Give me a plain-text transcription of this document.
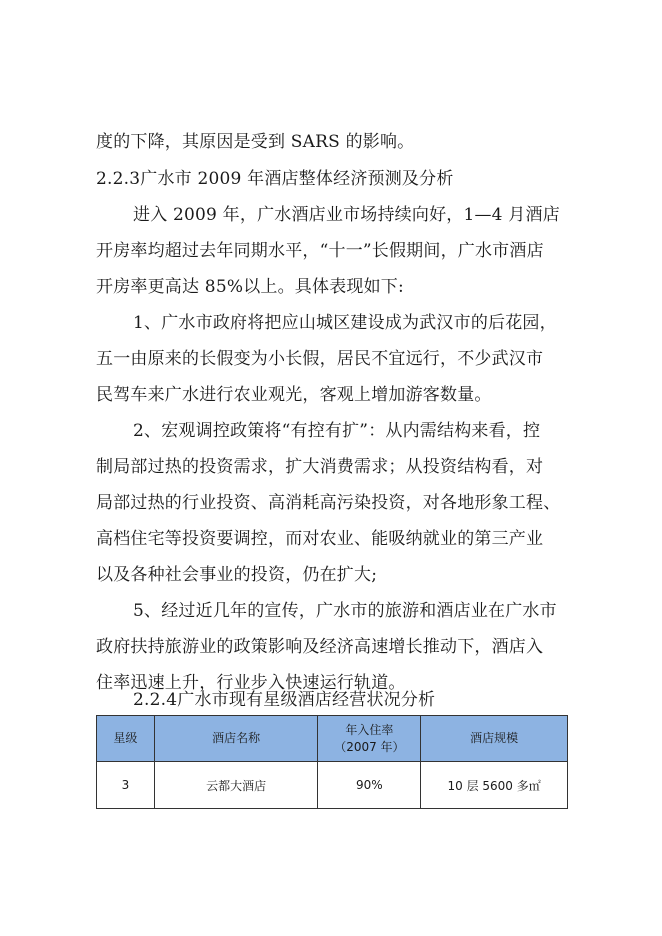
度的下降，其原因是受到 SARS 的影响。
2.2.3广水市 2009 年酒店整体经济预测及分析
进入 2009 年，广水酒店业市场持续向好，1—4 月酒店
开房率均超过去年同期水平，“十一”长假期间，广水市酒店
开房率更高达 85%以上。具体表现如下:
1、广水市政府将把应山城区建设成为武汉市的后花园，
五一由原来的长假变为小长假，居民不宜远行，不少武汉市
民驾车来广水进行农业观光，客观上增加游客数量。
2、宏观调控政策将“有控有扩”：从内需结构来看，控
制局部过热的投资需求，扩大消费需求；从投资结构看，对
局部过热的行业投资、高消耗高污染投资，对各地形象工程、
高档住宅等投资要调控，而对农业、能吸纳就业的第三产业
以及各种社会事业的投资，仍在扩大;
5、经过近几年的宣传，广水市的旅游和酒店业在广水市
政府扶持旅游业的政策影响及经济高速增长推动下，酒店入
住率迅速上升，行业步入快速运行轨道。
2.2.4广水市现有星级酒店经营状况分析
星级	酒店名称	年入住率
（2007 年）	酒店规模
3	云都大酒店	90%	10 层 5600 多㎡
